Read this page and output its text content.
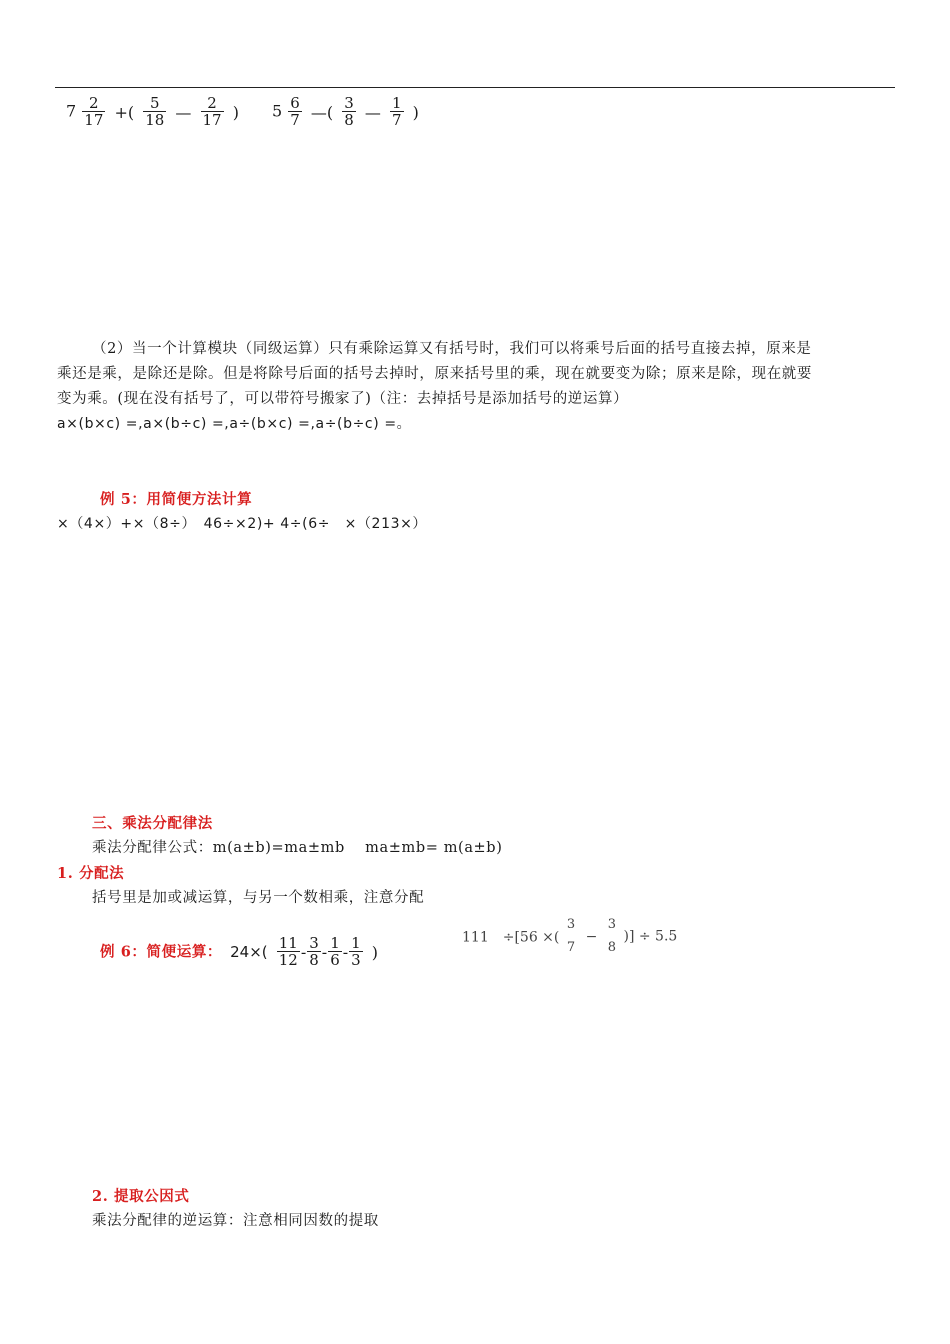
$7 \frac{2}{17}$ +( $\frac{5}{18}$ — $\frac{2}{17}$ ) $5 \frac{6}{7}$ —( $\frac{3}{8}$ — $\frac{1}{7}$ )
（2）当一个计算模块（同级运算）只有乘除运算又有括号时，我们可以将乘号后面的括号直接去掉，原来是
乘还是乘，是除还是除。但是将除号后面的括号去掉时，原来括号里的乘，现在就要变为除；原来是除，现在就要
变为乘。(现在没有括号了，可以带符号搬家了)（注：去掉括号是添加括号的逆运算）
a×(b×c) =,a×(b÷c) =,a÷(b×c) =,a÷(b÷c) =。
例 5：用简便方法计算
×（4×）+×（8÷）　46÷×2)+ 4÷(6÷　×（213×）
三、乘法分配律法
乘法分配律公式：m(a±b)=ma±mb　 ma±mb= m(a±b)
1. 分配法
括号里是加或减运算，与另一个数相乘，注意分配
例 6：简便运算： $24\times( \frac{11}{12} - \frac{3}{8} - \frac{1}{6} - \frac{1}{3}$ )
111　÷[56 ×(
3
7
−
3
8
)] ÷ 5.5
2. 提取公因式
乘法分配律的逆运算：注意相同因数的提取
